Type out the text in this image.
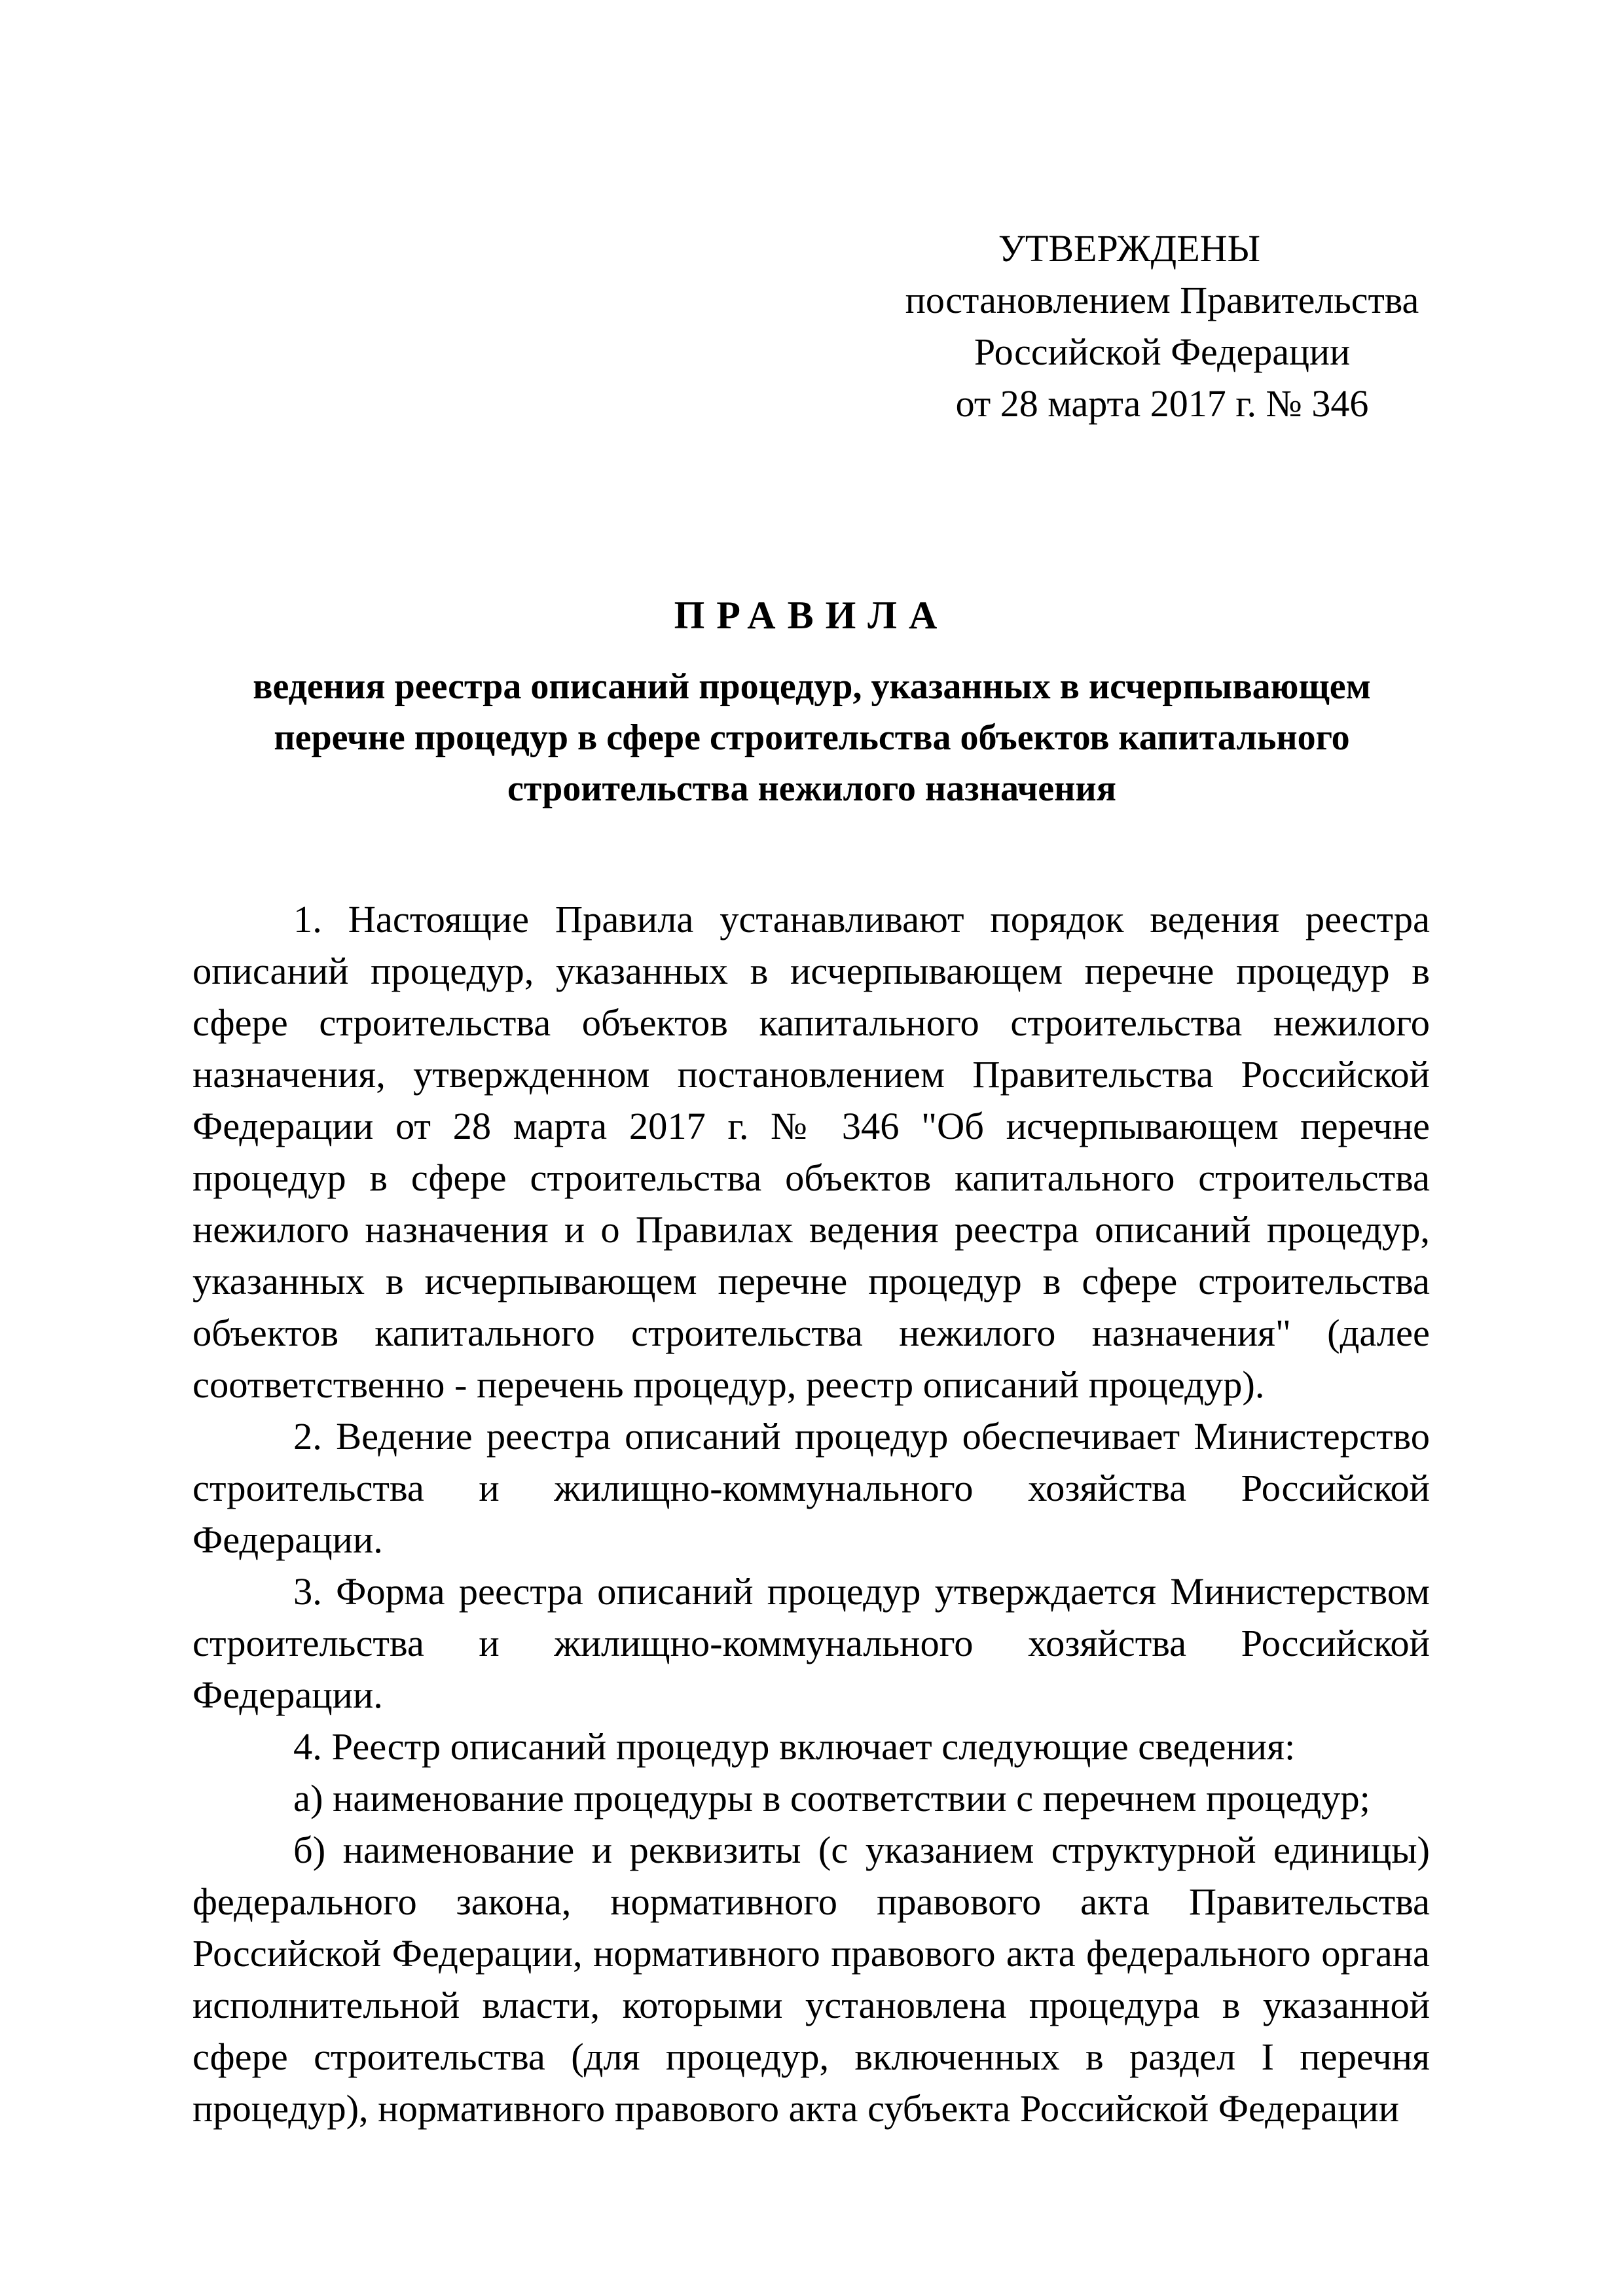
УТВЕРЖДЕНЫ
постановлением Правительства
Российской Федерации
от 28 марта 2017 г. № 346
ПРАВИЛА
ведения реестра описаний процедур, указанных в исчерпывающем
перечне процедур в сфере строительства объектов капитального
строительства нежилого назначения

1. Настоящие Правила устанавливают порядок ведения реестра описаний процедур, указанных в исчерпывающем перечне процедур в сфере строительства объектов капитального строительства нежилого назначения, утвержденном постановлением Правительства Российской Федерации от 28 марта 2017 г. № 346 "Об исчерпывающем перечне процедур в сфере строительства объектов капитального строительства нежилого назначения и о Правилах ведения реестра описаний процедур, указанных в исчерпывающем перечне процедур в сфере строительства объектов капитального строительства нежилого назначения" (далее соответственно - перечень процедур, реестр описаний процедур).

2. Ведение реестра описаний процедур обеспечивает Министерство строительства и жилищно-коммунального хозяйства Российской Федерации.

3. Форма реестра описаний процедур утверждается Министерством строительства и жилищно-коммунального хозяйства Российской Федерации.

4. Реестр описаний процедур включает следующие сведения:

а) наименование процедуры в соответствии с перечнем процедур;

б) наименование и реквизиты (с указанием структурной единицы) федерального закона, нормативного правового акта Правительства Российской Федерации, нормативного правового акта федерального органа исполнительной власти, которыми установлена процедура в указанной сфере строительства (для процедур, включенных в раздел I перечня процедур), нормативного правового акта субъекта Российской Федерации
